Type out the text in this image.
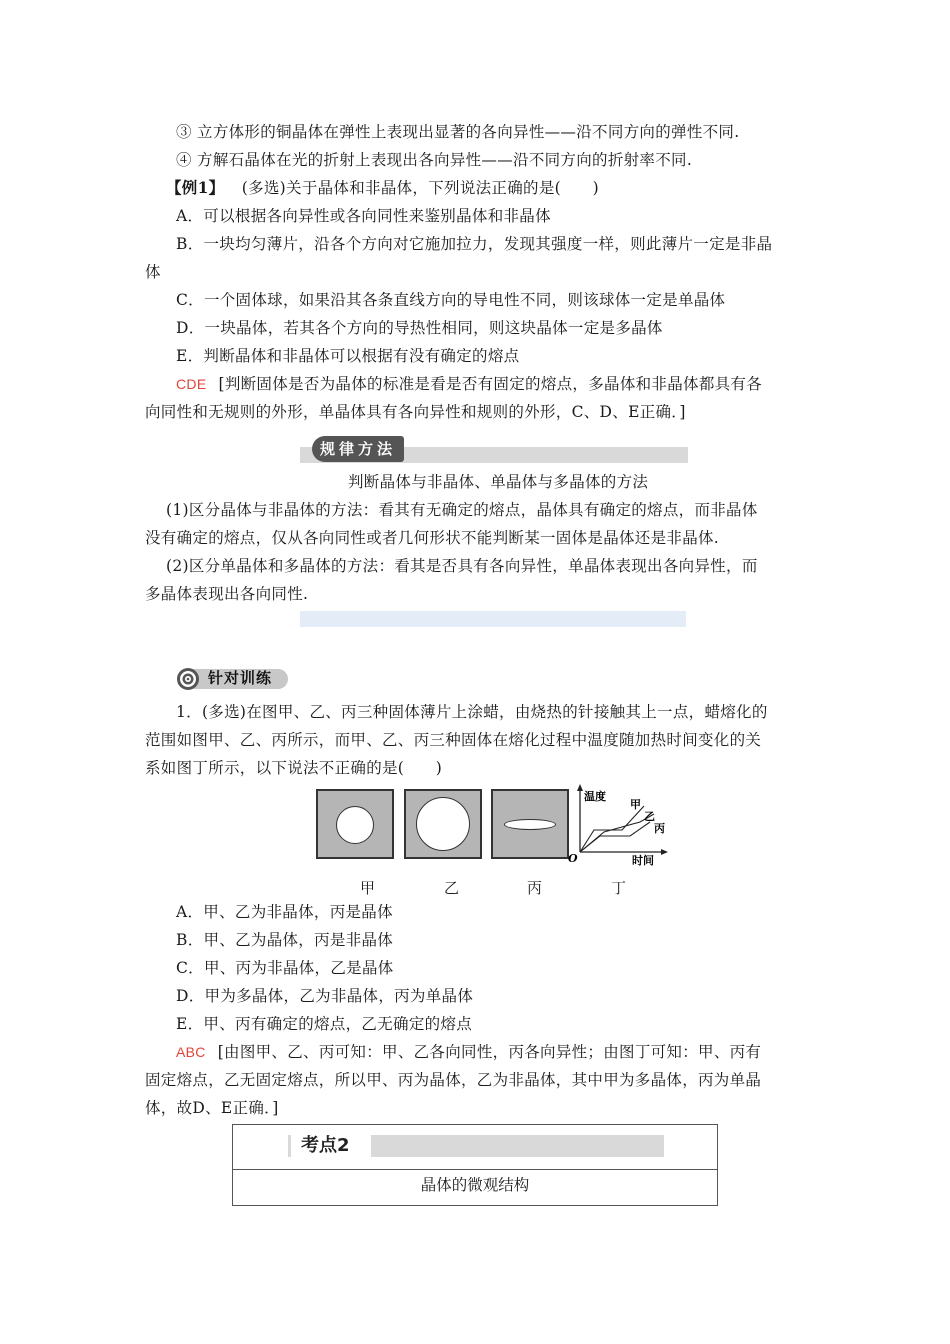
③ 立方体形的铜晶体在弹性上表现出显著的各向异性——沿不同方向的弹性不同.
④ 方解石晶体在光的折射上表现出各向异性——沿不同方向的折射率不同.
【例1】 (多选)关于晶体和非晶体，下列说法正确的是(　　)
A．可以根据各向异性或各向同性来鉴别晶体和非晶体
B．一块均匀薄片，沿各个方向对它施加拉力，发现其强度一样，则此薄片一定是非晶
体
C．一个固体球，如果沿其各条直线方向的导电性不同，则该球体一定是单晶体
D．一块晶体，若其各个方向的导热性相同，则这块晶体一定是多晶体
E．判断晶体和非晶体可以根据有没有确定的熔点
CDE [判断固体是否为晶体的标准是看是否有固定的熔点，多晶体和非晶体都具有各
向同性和无规则的外形，单晶体具有各向异性和规则的外形，C、D、E正确．]
规律方法
判断晶体与非晶体、单晶体与多晶体的方法
(1)区分晶体与非晶体的方法：看其有无确定的熔点，晶体具有确定的熔点，而非晶体
没有确定的熔点，仅从各向同性或者几何形状不能判断某一固体是晶体还是非晶体.
(2)区分单晶体和多晶体的方法：看其是否具有各向异性，单晶体表现出各向异性，而
多晶体表现出各向同性.
针对训练
1．(多选)在图甲、乙、丙三种固体薄片上涂蜡，由烧热的针接触其上一点，蜡熔化的
范围如图甲、乙、丙所示，而甲、乙、丙三种固体在熔化过程中温度随加热时间变化的关
系如图丁所示，以下说法不正确的是(　　)
温度
时间
O
甲
乙
丙
甲	乙	丙	丁
A．甲、乙为非晶体，丙是晶体
B．甲、乙为晶体，丙是非晶体
C．甲、丙为非晶体，乙是晶体
D．甲为多晶体，乙为非晶体，丙为单晶体
E．甲、丙有确定的熔点，乙无确定的熔点
ABC [由图甲、乙、丙可知：甲、乙各向同性，丙各向异性；由图丁可知：甲、丙有
固定熔点，乙无固定熔点，所以甲、丙为晶体，乙为非晶体，其中甲为多晶体，丙为单晶
体，故D、E正确．]
考点2
晶体的微观结构
